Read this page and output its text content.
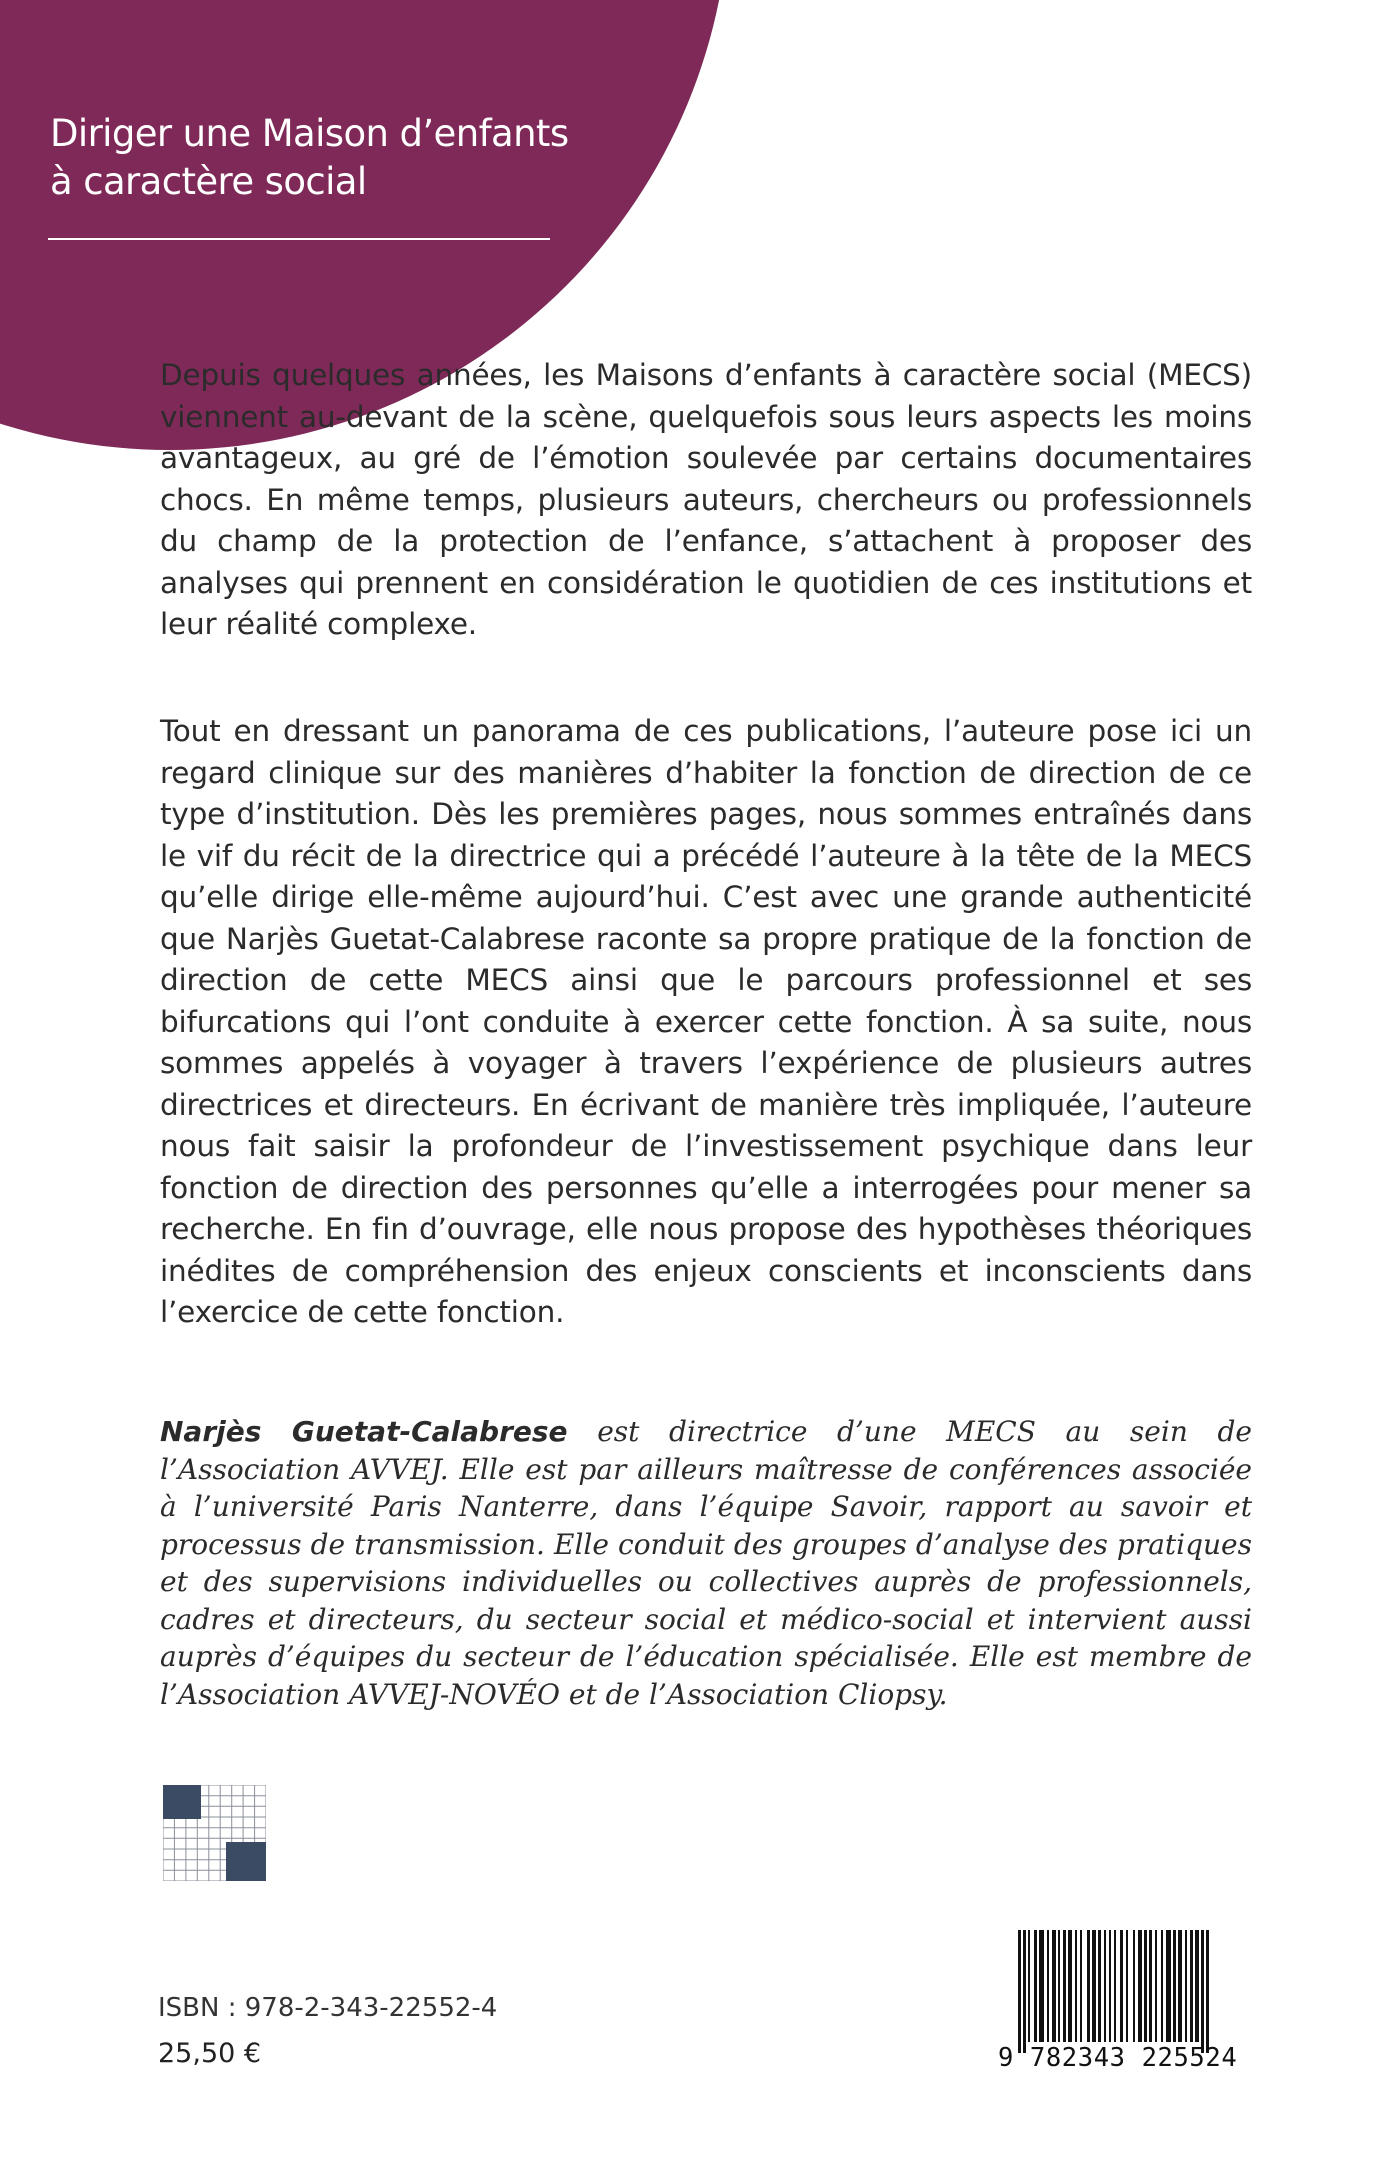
Diriger une Maison d’enfants
à caractère social
Depuis quelques années, les Maisons d’enfants à caractère social (MECS) viennent au-devant de la scène, quelquefois sous leurs aspects les moins avantageux, au gré de l’émotion soulevée par certains documentaires chocs. En même temps, plusieurs auteurs, chercheurs ou professionnels du champ de la protection de l’enfance, s’attachent à proposer des analyses qui prennent en considération le quotidien de ces institutions et leur réalité complexe.

Tout en dressant un panorama de ces publications, l’auteure pose ici un regard clinique sur des manières d’habiter la fonction de direction de ce type d’institution. Dès les premières pages, nous sommes entraînés dans le vif du récit de la directrice qui a précédé l’auteure à la tête de la MECS qu’elle dirige elle-même aujourd’hui. C’est avec une grande authenticité que Narjès Guetat-Calabrese raconte sa propre pratique de la fonction de direction de cette MECS ainsi que le parcours professionnel et ses bifurcations qui l’ont conduite à exercer cette fonction. À sa suite, nous sommes appelés à voyager à travers l’expérience de plusieurs autres directrices et directeurs. En écrivant de manière très impliquée, l’auteure nous fait saisir la profondeur de l’investissement psychique dans leur fonction de direction des personnes qu’elle a interrogées pour mener sa recherche. En fin d’ouvrage, elle nous propose des hypothèses théoriques inédites de compréhension des enjeux conscients et inconscients dans l’exercice de cette fonction.

Narjès Guetat-Calabrese est directrice d’une MECS au sein de l’Association AVVEJ. Elle est par ailleurs maîtresse de conférences associée à l’université Paris Nanterre, dans l’équipe Savoir, rapport au savoir et processus de transmission. Elle conduit des groupes d’analyse des pratiques et des supervisions individuelles ou collectives auprès de professionnels, cadres et directeurs, du secteur social et médico-social et intervient aussi auprès d’équipes du secteur de l’éducation spécialisée. Elle est membre de l’Association AVVEJ-NOVÉO et de l’Association Cliopsy.

ISBN : 978-2-343-22552-4

25,50 €	9 782343 225524
